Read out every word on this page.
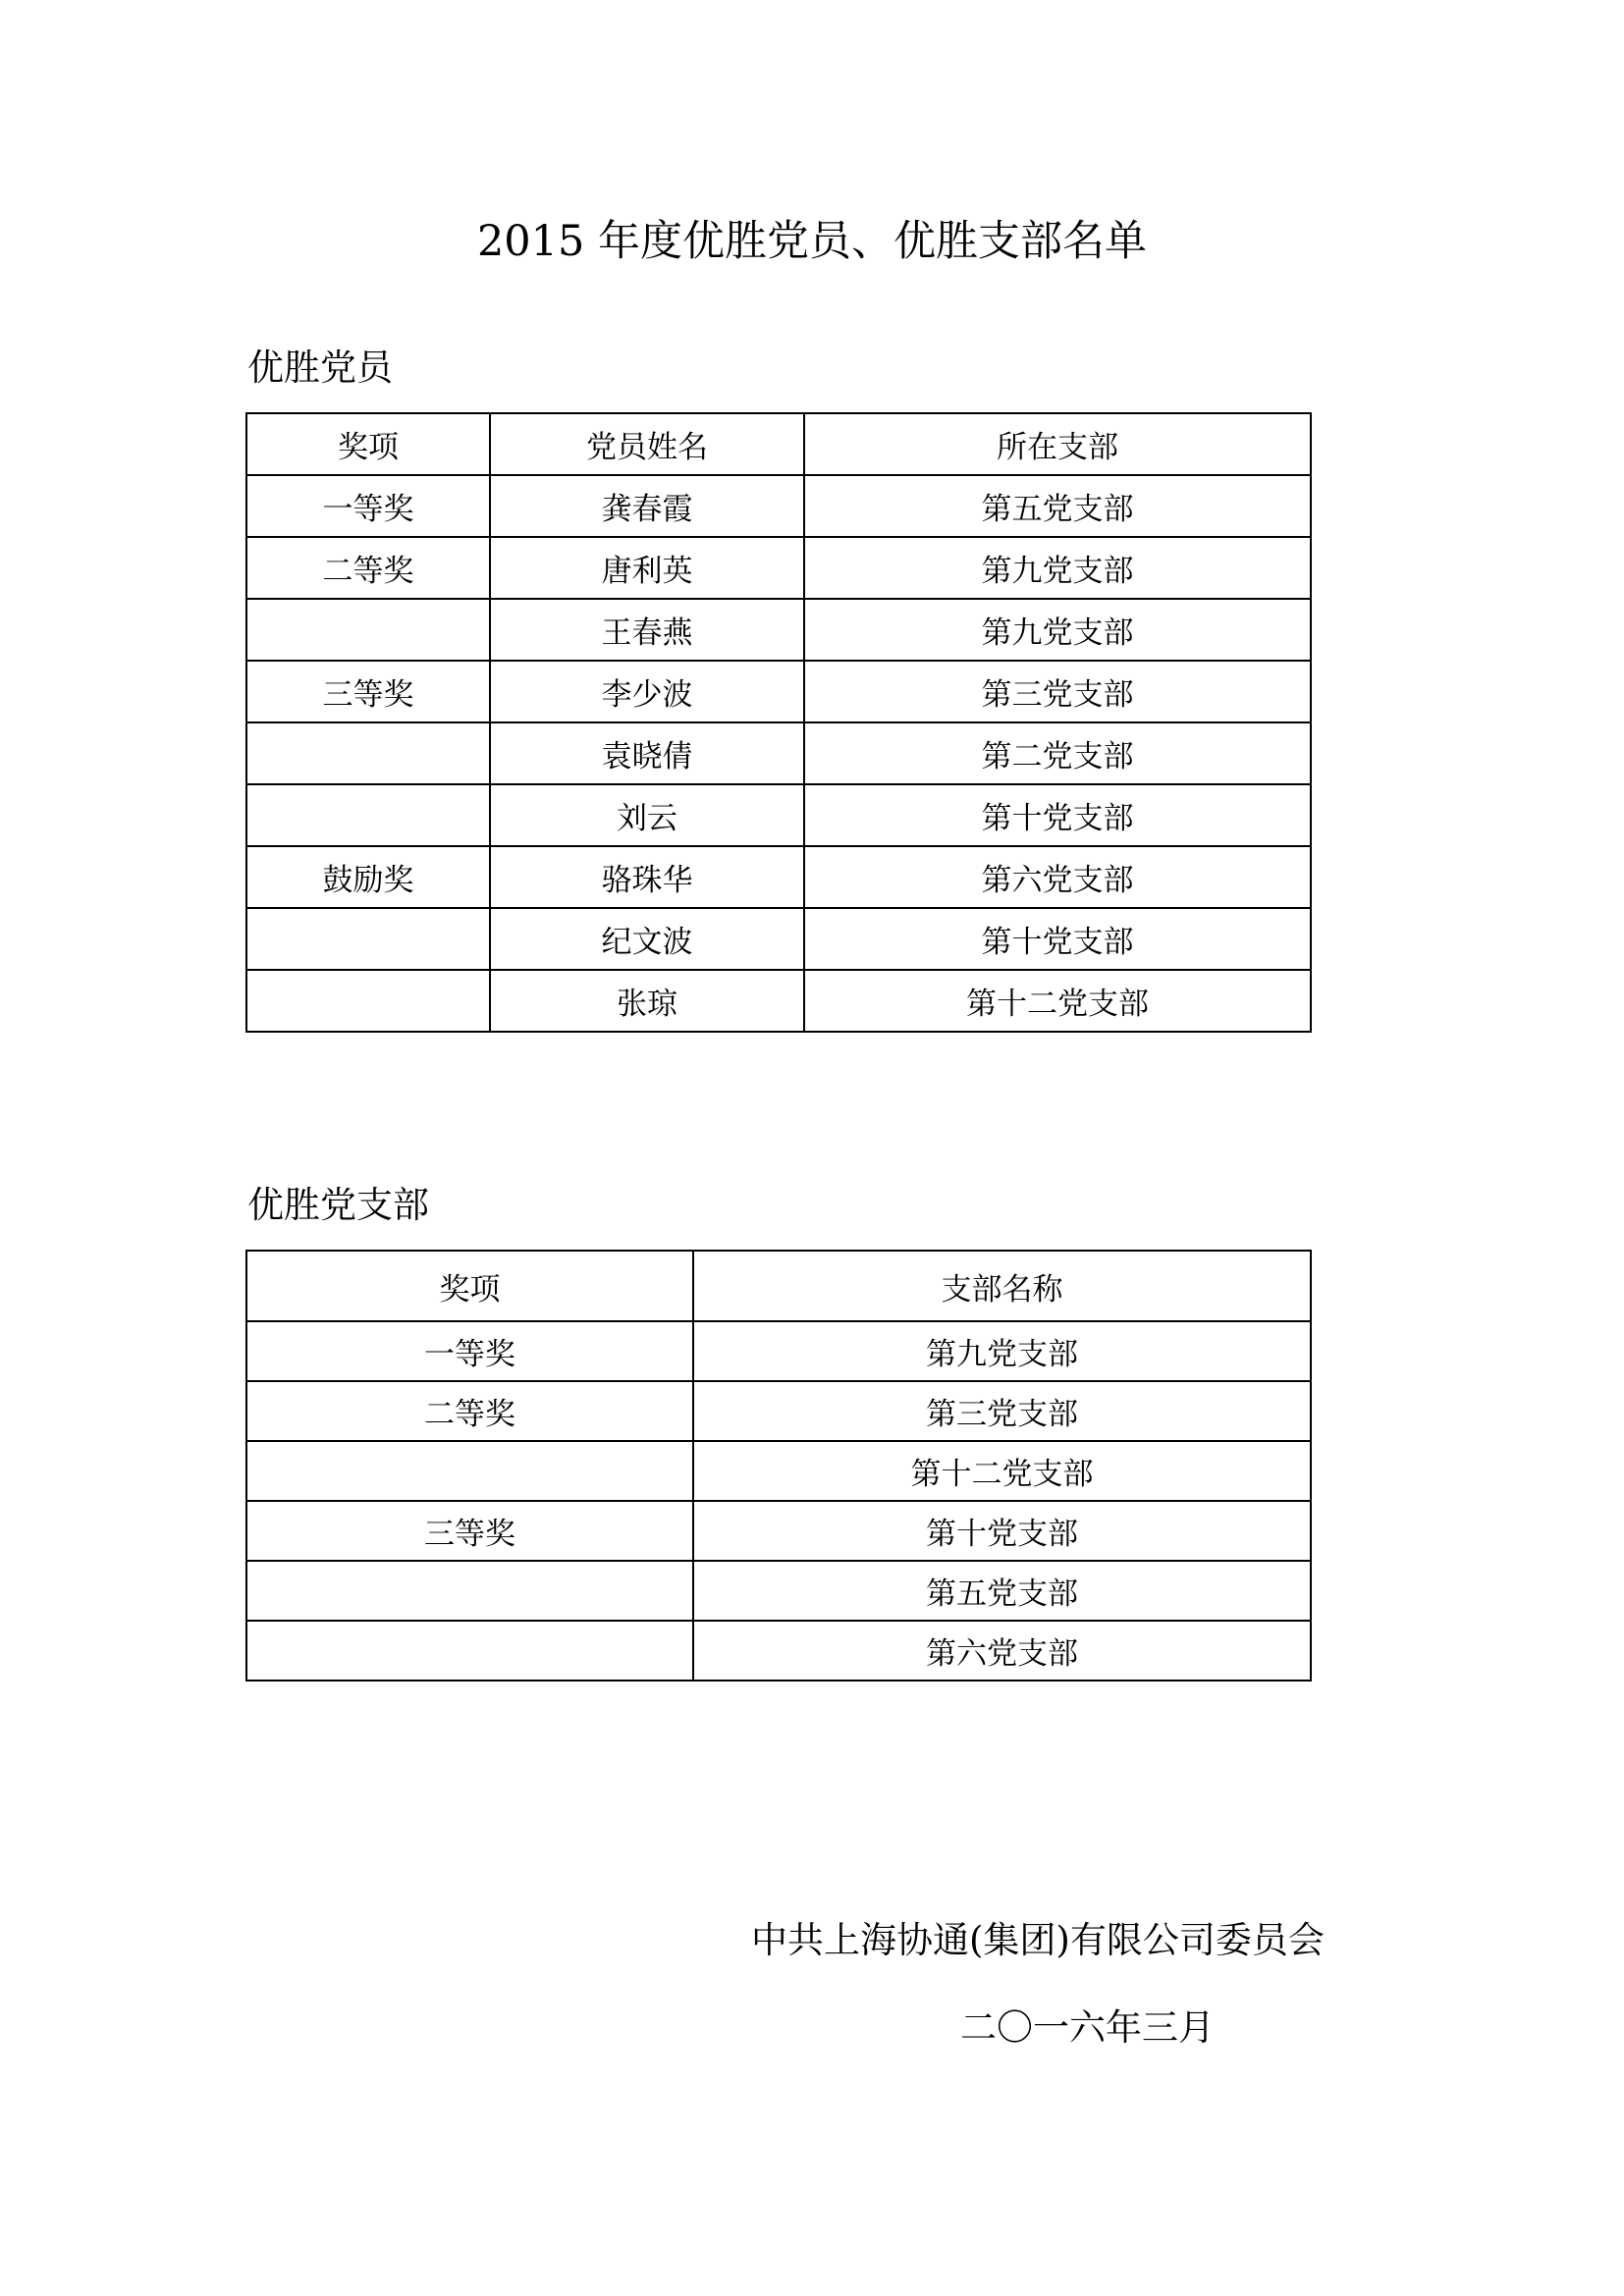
2015 年度优胜党员、优胜支部名单
优胜党员
奖项	党员姓名	所在支部
一等奖	龚春霞	第五党支部
二等奖	唐利英	第九党支部
	王春燕	第九党支部
三等奖	李少波	第三党支部
	袁晓倩	第二党支部
	刘云	第十党支部
鼓励奖	骆珠华	第六党支部
	纪文波	第十党支部
	张琼	第十二党支部
优胜党支部
奖项	支部名称
一等奖	第九党支部
二等奖	第三党支部
	第十二党支部
三等奖	第十党支部
	第五党支部
	第六党支部
中共上海协通(集团)有限公司委员会
二〇一六年三月
